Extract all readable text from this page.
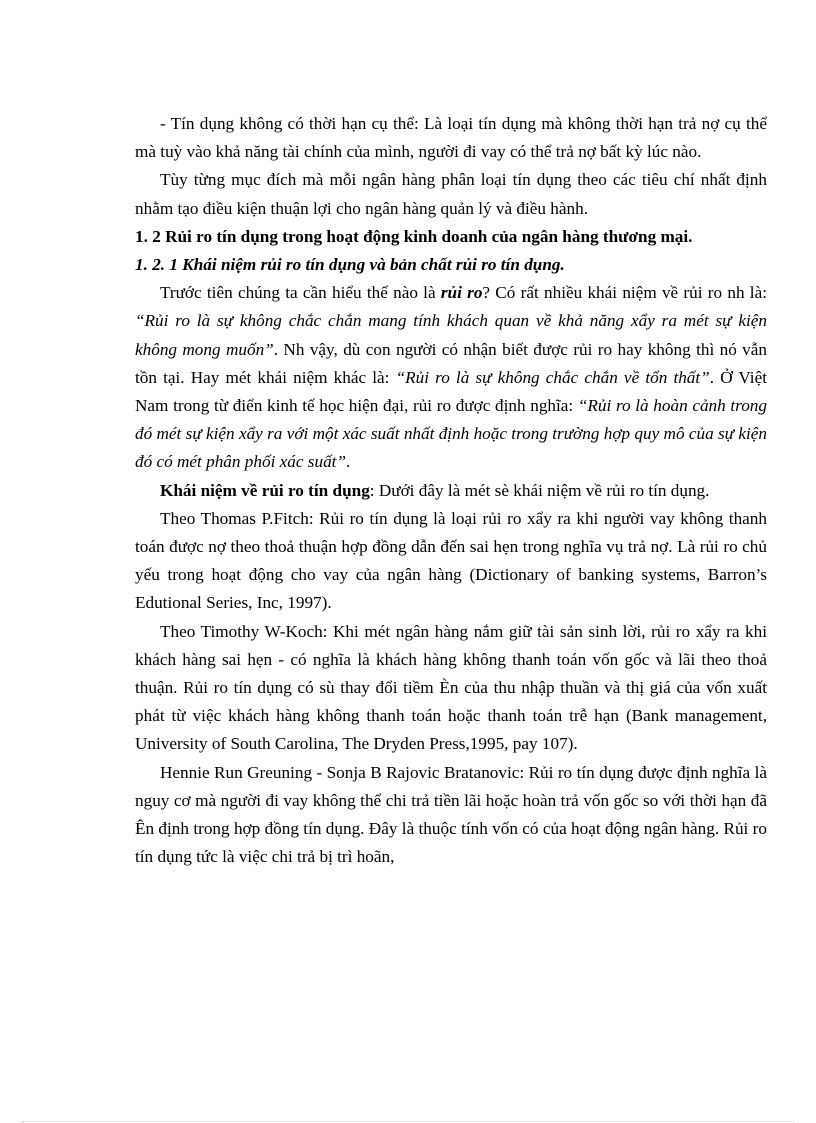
- Tín dụng không có thời hạn cụ thể: Là loại tín dụng mà không thời hạn trả nợ cụ thể mà tuỳ vào khả năng tài chính của mình, người đi vay có thể trả nợ bất kỳ lúc nào.

Tùy từng mục đích mà mỗi ngân hàng phân loại tín dụng theo các tiêu chí nhất định nhằm tạo điều kiện thuận lợi cho ngân hàng quản lý và điều hành.

1. 2 Rủi ro tín dụng trong hoạt động kinh doanh của ngân hàng thương mại.

1. 2. 1 Khái niệm rủi ro tín dụng và bản chất rủi ro tín dụng.

Trước tiên chúng ta cần hiểu thế nào là rủi ro? Có rất nhiều khái niệm về rủi ro nh là: “Rủi ro là sự không chắc chắn mang tính khách quan về khả năng xẩy ra mét sự kiện không mong muốn”. Nh vậy, dù con người có nhận biết được rủi ro hay không thì nó vẫn tồn tại. Hay mét khái niệm khác là: “Rủi ro là sự không chắc chắn về tổn thất”. Ở Việt Nam trong từ điển kinh tế học hiện đại, rủi ro được định nghĩa: “Rủi ro là hoàn cảnh trong đó mét sự kiện xẩy ra với một xác suất nhất định hoặc trong trường hợp quy mô của sự kiện đó có mét phân phối xác suất”.

Khái niệm về rủi ro tín dụng: Dưới đây là mét sè khái niệm về rủi ro tín dụng.

Theo Thomas P.Fitch: Rủi ro tín dụng là loại rủi ro xẩy ra khi người vay không thanh toán được nợ theo thoả thuận hợp đồng dẫn đến sai hẹn trong nghĩa vụ trả nợ. Là rủi ro chủ yếu trong hoạt động cho vay của ngân hàng (Dictionary of banking systems, Barron’s Edutional Series, Inc, 1997).

Theo Timothy W-Koch: Khi mét ngân hàng nắm giữ tài sản sinh lời, rủi ro xẩy ra khi khách hàng sai hẹn - có nghĩa là khách hàng không thanh toán vốn gốc và lãi theo thoả thuận. Rủi ro tín dụng có sù thay đổi tiềm Èn của thu nhập thuần và thị giá của vốn xuất phát từ việc khách hàng không thanh toán hoặc thanh toán trễ hạn (Bank management, University of South Carolina, The Dryden Press,1995, pay 107).

Hennie Run Greuning - Sonja B Rajovic Bratanovic: Rủi ro tín dụng được định nghĩa là nguy cơ mà người đi vay không thể chi trả tiền lãi hoặc hoàn trả vốn gốc so với thời hạn đã Ên định trong hợp đồng tín dụng. Đây là thuộc tính vốn có của hoạt động ngân hàng. Rủi ro tín dụng tức là việc chi trả bị trì hoãn,
